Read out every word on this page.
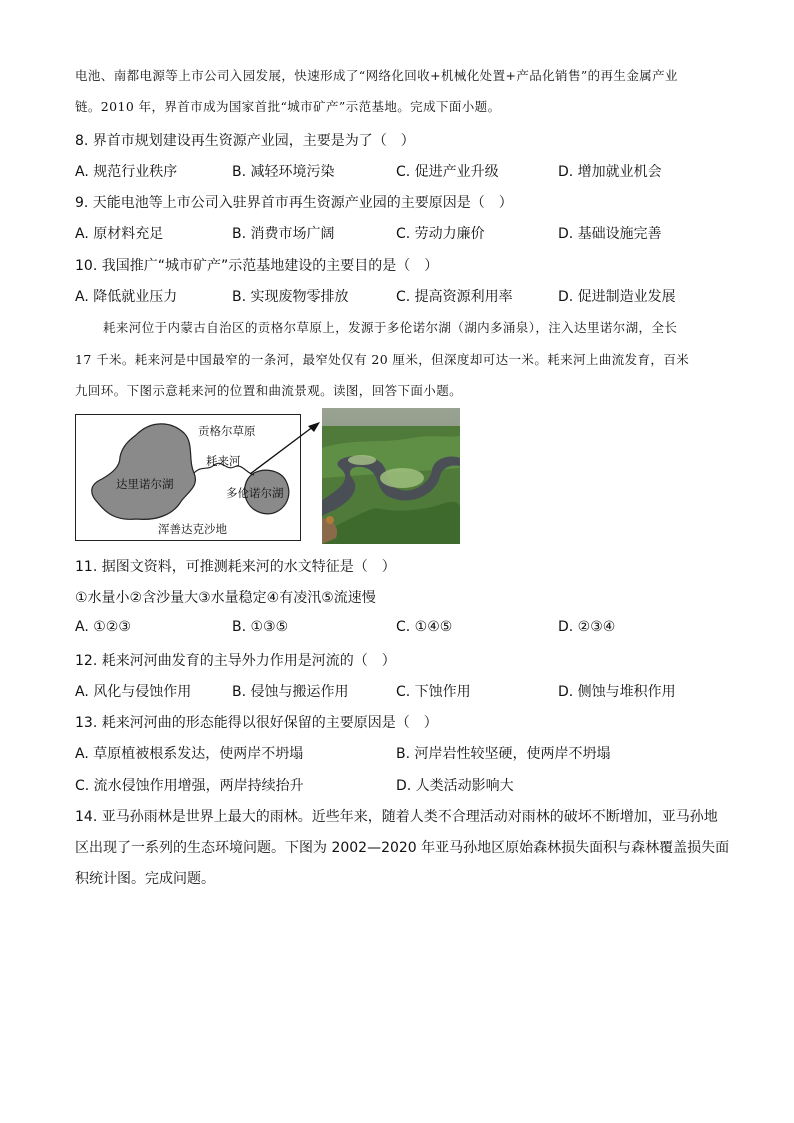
电池、南都电源等上市公司入园发展，快速形成了“网络化回收+机械化处置+产品化销售”的再生金属产业
链。2010 年，界首市成为国家首批“城市矿产”示范基地。完成下面小题。
8. 界首市规划建设再生资源产业园，主要是为了（　）
A. 规范行业秩序	B. 减轻环境污染	C. 促进产业升级	D. 增加就业机会
9. 天能电池等上市公司入驻界首市再生资源产业园的主要原因是（　）
A. 原材料充足	B. 消费市场广阔	C. 劳动力廉价	D. 基础设施完善
10. 我国推广“城市矿产”示范基地建设的主要目的是（　）
A. 降低就业压力	B. 实现废物零排放	C. 提高资源利用率	D. 促进制造业发展
耗来河位于内蒙古自治区的贡格尔草原上，发源于多伦诺尔湖（湖内多涌泉），注入达里诺尔湖，全长
17 千米。耗来河是中国最窄的一条河，最窄处仅有 20 厘米，但深度却可达一米。耗来河上曲流发育，百米
九回环。下图示意耗来河的位置和曲流景观。读图，回答下面小题。
贡格尔草原
耗来河
达里诺尔湖
多伦诺尔湖
浑善达克沙地
11. 据图文资料，可推测耗来河的水文特征是（　）
①水量小②含沙量大③水量稳定④有凌汛⑤流速慢
A. ①②③	B. ①③⑤	C. ①④⑤	D. ②③④
12. 耗来河河曲发育的主导外力作用是河流的（　）
A. 风化与侵蚀作用	B. 侵蚀与搬运作用	C. 下蚀作用	D. 侧蚀与堆积作用
13. 耗来河河曲的形态能得以很好保留的主要原因是（　）
A. 草原植被根系发达，使两岸不坍塌	B. 河岸岩性较坚硬，使两岸不坍塌
C. 流水侵蚀作用增强，两岸持续抬升	D. 人类活动影响大
14. 亚马孙雨林是世界上最大的雨林。近些年来，随着人类不合理活动对雨林的破坏不断增加，亚马孙地
区出现了一系列的生态环境问题。下图为 2002—2020 年亚马孙地区原始森林损失面积与森林覆盖损失面
积统计图。完成问题。
